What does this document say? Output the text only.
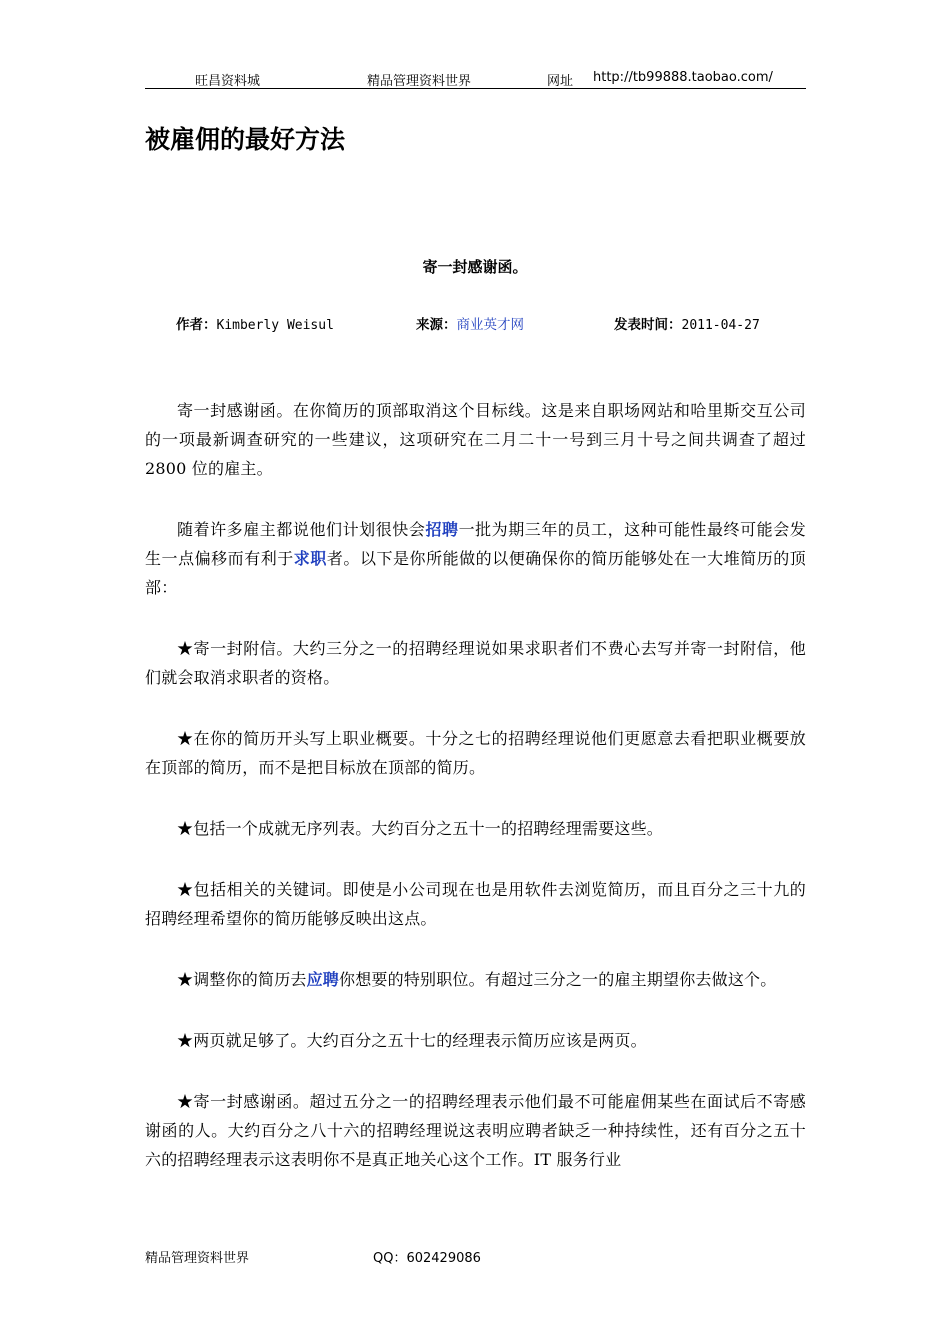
旺昌资料城	精品管理资料世界	网址 http://tb99888.taobao.com/
被雇佣的最好方法
寄一封感谢函。
作者：Kimberly Weisul	来源：商业英才网	发表时间：2011-04-27

寄一封感谢函。在你简历的顶部取消这个目标线。这是来自职场网站和哈里斯交互公司的一项最新调查研究的一些建议，这项研究在二月二十一号到三月十号之间共调查了超过 2800 位的雇主。

随着许多雇主都说他们计划很快会招聘一批为期三年的员工，这种可能性最终可能会发生一点偏移而有利于求职者。以下是你所能做的以便确保你的简历能够处在一大堆简历的顶部：

★寄一封附信。大约三分之一的招聘经理说如果求职者们不费心去写并寄一封附信，他们就会取消求职者的资格。

★在你的简历开头写上职业概要。十分之七的招聘经理说他们更愿意去看把职业概要放在顶部的简历，而不是把目标放在顶部的简历。

★包括一个成就无序列表。大约百分之五十一的招聘经理需要这些。

★包括相关的关键词。即使是小公司现在也是用软件去浏览简历，而且百分之三十九的招聘经理希望你的简历能够反映出这点。

★调整你的简历去应聘你想要的特别职位。有超过三分之一的雇主期望你去做这个。

★两页就足够了。大约百分之五十七的经理表示简历应该是两页。

★寄一封感谢函。超过五分之一的招聘经理表示他们最不可能雇佣某些在面试后不寄感谢函的人。大约百分之八十六的招聘经理说这表明应聘者缺乏一种持续性，还有百分之五十六的招聘经理表示这表明你不是真正地关心这个工作。IT 服务行业

精品管理资料世界	QQ：602429086
